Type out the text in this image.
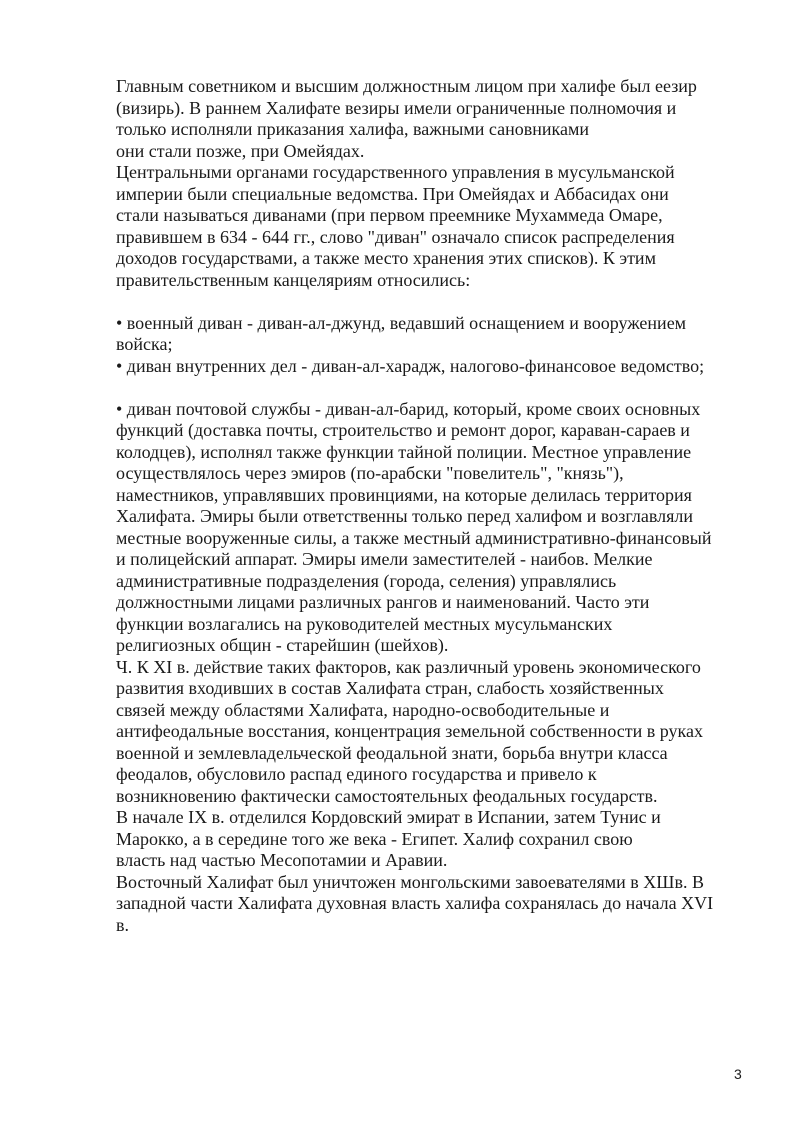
Главным советником и высшим должностным лицом при халифе был еезир
(визирь). В раннем Халифате везиры имели ограниченные полномочия и
только исполняли приказания халифа, важными сановниками
они стали позже, при Омейядах.
Центральными органами государственного управления в мусульманской
империи были специальные ведомства. При Омейядах и Аббасидах они
стали называться диванами (при первом преемнике Мухаммеда Омаре,
правившем в 634 - 644 гг., слово "диван" означало список распределения
доходов государствами, а также место хранения этих списков). К этим
правительственным канцеляриям относились:
• военный диван - диван-ал-джунд, ведавший оснащением и вооружением
войска;
• диван внутренних дел - диван-ал-харадж, налогово-финансовое ведомство;
• диван почтовой службы - диван-ал-барид, который, кроме своих основных
функций (доставка почты, строительство и ремонт дорог, караван-сараев и
колодцев), исполнял также функции тайной полиции. Местное управление
осуществлялось через эмиров (по-арабски "повелитель", "князь"),
наместников, управлявших провинциями, на которые делилась территория
Халифата. Эмиры были ответственны только перед халифом и возглавляли
местные вооруженные силы, а также местный административно-финансовый
и полицейский аппарат. Эмиры имели заместителей - наибов. Мелкие
административные подразделения (города, селения) управлялись
должностными лицами различных рангов и наименований. Часто эти
функции возлагались на руководителей местных мусульманских
религиозных общин - старейшин (шейхов).
Ч. К XI в. действие таких факторов, как различный уровень экономического
развития входивших в состав Халифата стран, слабость хозяйственных
связей между областями Халифата, народно-освободительные и
антифеодальные восстания, концентрация земельной собственности в руках
военной и землевладельческой феодальной знати, борьба внутри класса
феодалов, обусловило распад единого государства и привело к
возникновению фактически самостоятельных феодальных государств.
В начале IX в. отделился Кордовский эмират в Испании, затем Тунис и
Марокко, а в середине того же века - Египет. Халиф сохранил свою
власть над частью Месопотамии и Аравии.
Восточный Халифат был уничтожен монгольскими завоевателями в ХШв. В
западной части Халифата духовная власть халифа сохранялась до начала XVI
в.
3
